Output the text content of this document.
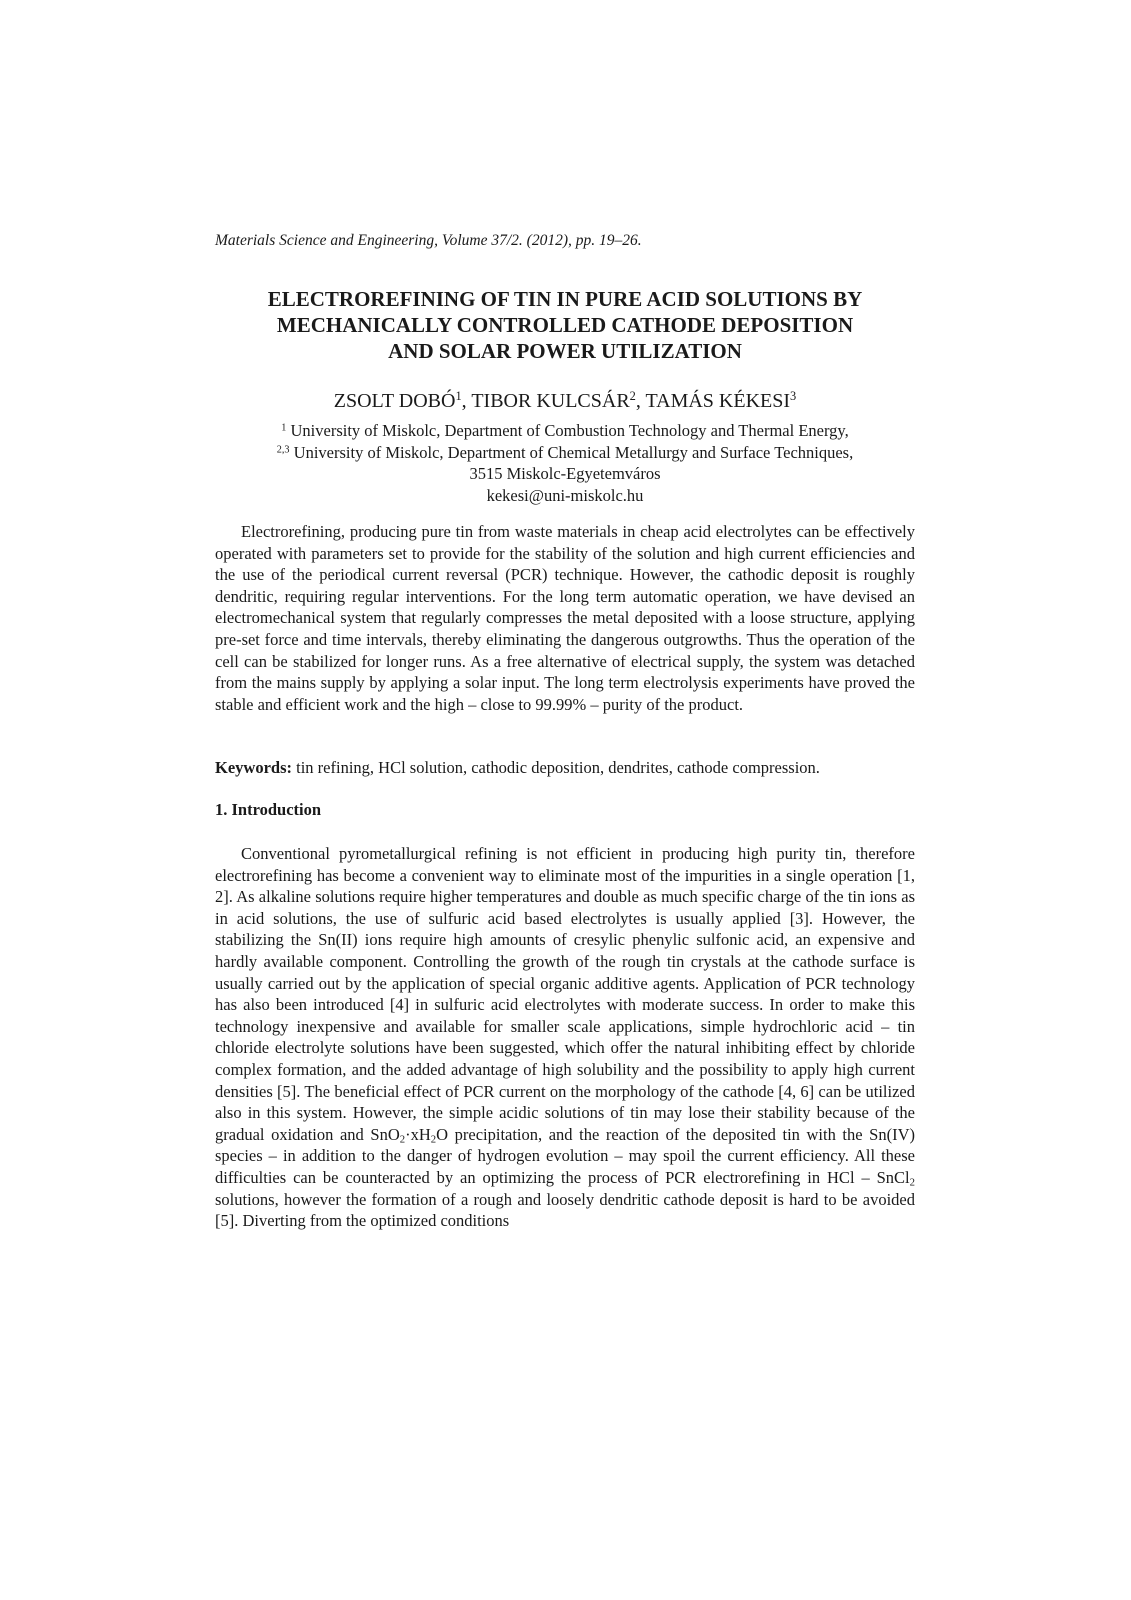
Materials Science and Engineering, Volume 37/2. (2012), pp. 19–26.
ELECTROREFINING OF TIN IN PURE ACID SOLUTIONS BY
MECHANICALLY CONTROLLED CATHODE DEPOSITION
AND SOLAR POWER UTILIZATION
ZSOLT DOBÓ$^1$, TIBOR KULCSÁR$^2$, TAMÁS KÉKESI$^3$
$^1$ University of Miskolc, Department of Combustion Technology and Thermal Energy,
$^{2,3}$ University of Miskolc, Department of Chemical Metallurgy and Surface Techniques,
3515 Miskolc-Egyetemváros
kekesi@uni-miskolc.hu

Electrorefining, producing pure tin from waste materials in cheap acid electrolytes can be effectively operated with parameters set to provide for the stability of the solution and high current efficiencies and the use of the periodical current reversal (PCR) technique. However, the cathodic deposit is roughly dendritic, requiring regular interventions. For the long term automatic operation, we have devised an electromechanical system that regularly compresses the metal deposited with a loose structure, applying pre-set force and time intervals, thereby eliminating the dangerous outgrowths. Thus the operation of the cell can be stabilized for longer runs. As a free alternative of electrical supply, the system was detached from the mains supply by applying a solar input. The long term electrolysis experiments have proved the stable and efficient work and the high – close to 99.99% – purity of the product.

Keywords: tin refining, HCl solution, cathodic deposition, dendrites, cathode compression.
1. Introduction

Conventional pyrometallurgical refining is not efficient in producing high purity tin, therefore electrorefining has become a convenient way to eliminate most of the impurities in a single operation [1, 2]. As alkaline solutions require higher temperatures and double as much specific charge of the tin ions as in acid solutions, the use of sulfuric acid based electrolytes is usually applied [3]. However, the stabilizing the Sn(II) ions require high amounts of cresylic phenylic sulfonic acid, an expensive and hardly available component. Controlling the growth of the rough tin crystals at the cathode surface is usually carried out by the application of special organic additive agents. Application of PCR technology has also been introduced [4] in sulfuric acid electrolytes with moderate success. In order to make this technology inexpensive and available for smaller scale applications, simple hydrochloric acid – tin chloride electrolyte solutions have been suggested, which offer the natural inhibiting effect by chloride complex formation, and the added advantage of high solubility and the possibility to apply high current densities [5]. The beneficial effect of PCR current on the morphology of the cathode [4, 6] can be utilized also in this system. However, the simple acidic solutions of tin may lose their stability because of the gradual oxidation and $SnO_2\cdot xH_2O$ precipitation, and the reaction of the deposited tin with the Sn(IV) species – in addition to the danger of hydrogen evolution – may spoil the current efficiency. All these difficulties can be counteracted by an optimizing the process of PCR electrorefining in HCl – SnCl$_2$ solutions, however the formation of a rough and loosely dendritic cathode deposit is hard to be avoided [5]. Diverting from the optimized conditions
